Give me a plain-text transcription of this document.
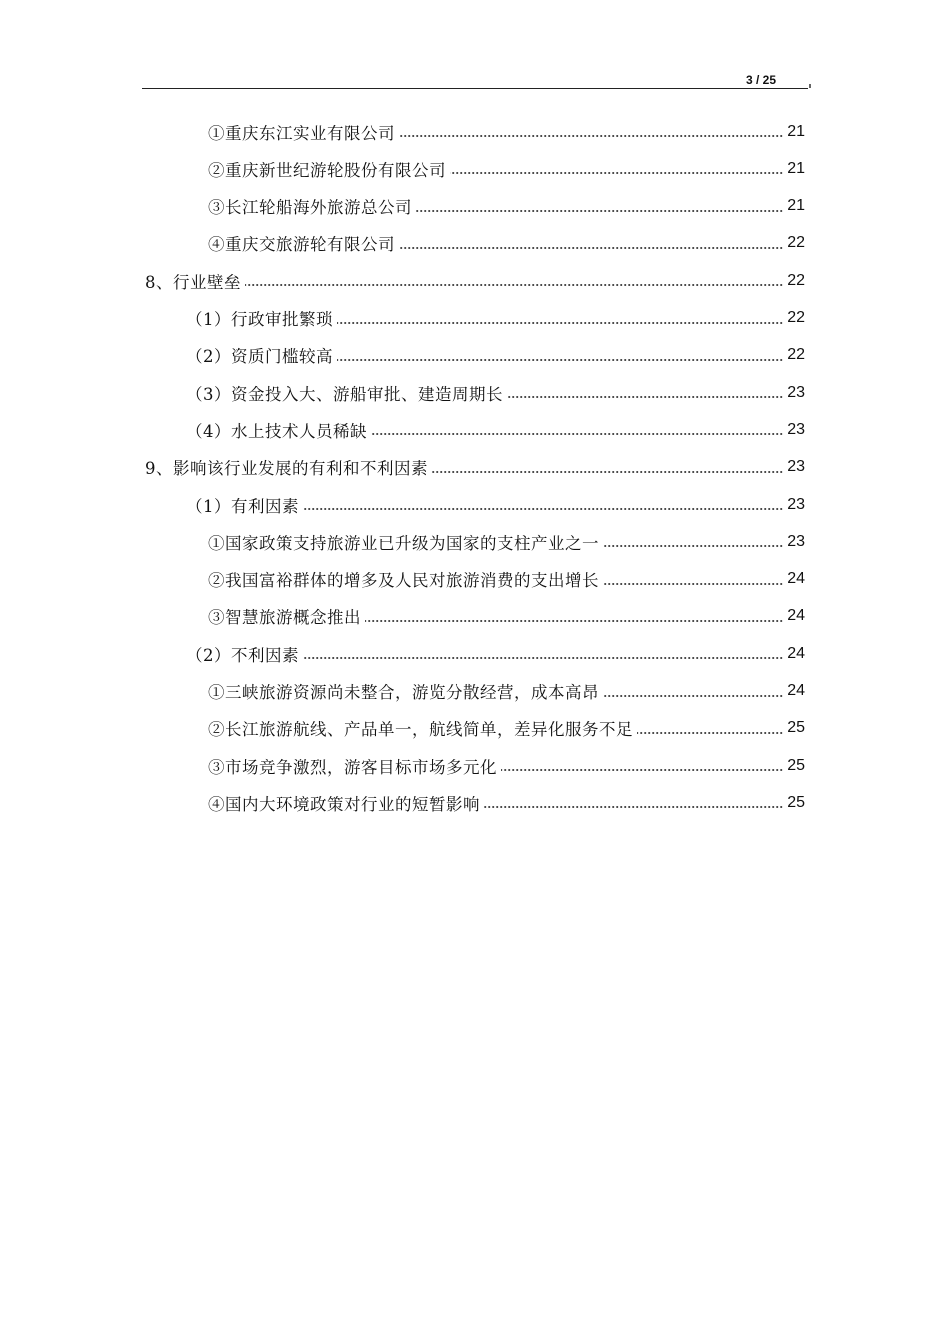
3 / 25
①重庆东江实业有限公司	21
②重庆新世纪游轮股份有限公司	21
③长江轮船海外旅游总公司	21
④重庆交旅游轮有限公司	22
8、行业壁垒	22
（1）行政审批繁琐	22
（2）资质门槛较高	22
（3）资金投入大、游船审批、建造周期长	23
（4）水上技术人员稀缺	23
9、影响该行业发展的有利和不利因素	23
（1）有利因素	23
①国家政策支持旅游业已升级为国家的支柱产业之一	23
②我国富裕群体的增多及人民对旅游消费的支出增长	24
③智慧旅游概念推出	24
（2）不利因素	24
①三峡旅游资源尚未整合，游览分散经营，成本高昂	24
②长江旅游航线、产品单一，航线简单，差异化服务不足	25
③市场竞争激烈，游客目标市场多元化	25
④国内大环境政策对行业的短暂影响	25
